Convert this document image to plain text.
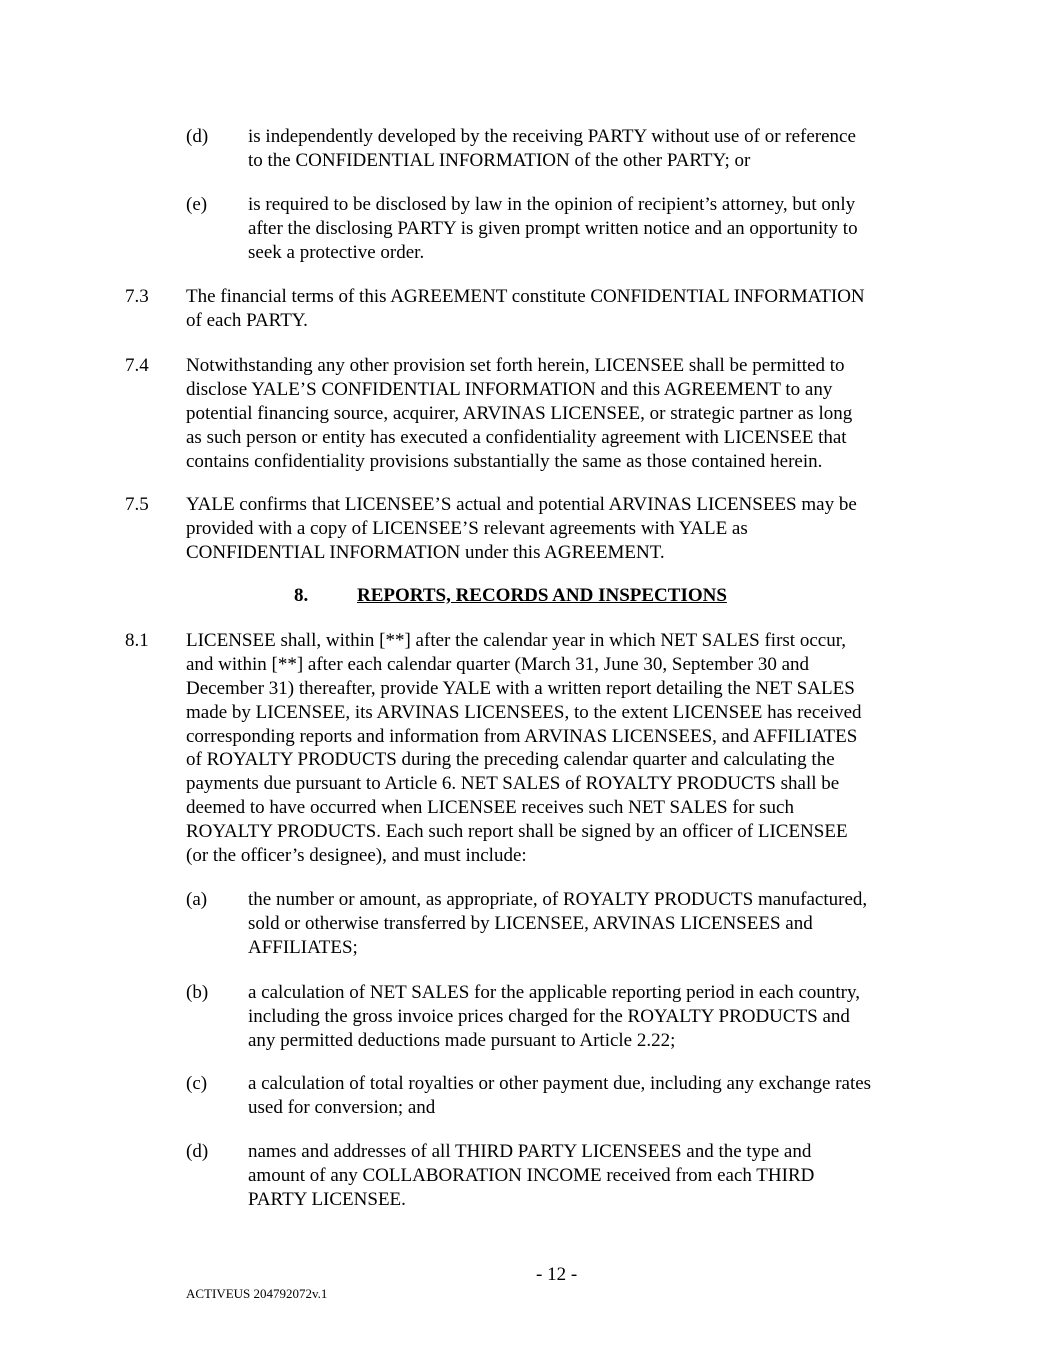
(d) is independently developed by the receiving PARTY without use of or reference
to the CONFIDENTIAL INFORMATION of the other PARTY; or
(e) is required to be disclosed by law in the opinion of recipient’s attorney, but only
after the disclosing PARTY is given prompt written notice and an opportunity to
seek a protective order.
7.3 The financial terms of this AGREEMENT constitute CONFIDENTIAL INFORMATION
of each PARTY.
7.4 Notwithstanding any other provision set forth herein, LICENSEE shall be permitted to
disclose YALE’S CONFIDENTIAL INFORMATION and this AGREEMENT to any
potential financing source, acquirer, ARVINAS LICENSEE, or strategic partner as long
as such person or entity has executed a confidentiality agreement with LICENSEE that
contains confidentiality provisions substantially the same as those contained herein.
7.5 YALE confirms that LICENSEE’S actual and potential ARVINAS LICENSEES may be
provided with a copy of LICENSEE’S relevant agreements with YALE as
CONFIDENTIAL INFORMATION under this AGREEMENT.
8.	REPORTS, RECORDS AND INSPECTIONS
8.1 LICENSEE shall, within [**] after the calendar year in which NET SALES first occur,
and within [**] after each calendar quarter (March 31, June 30, September 30 and
December 31) thereafter, provide YALE with a written report detailing the NET SALES
made by LICENSEE, its ARVINAS LICENSEES, to the extent LICENSEE has received
corresponding reports and information from ARVINAS LICENSEES, and AFFILIATES
of ROYALTY PRODUCTS during the preceding calendar quarter and calculating the
payments due pursuant to Article 6. NET SALES of ROYALTY PRODUCTS shall be
deemed to have occurred when LICENSEE receives such NET SALES for such
ROYALTY PRODUCTS. Each such report shall be signed by an officer of LICENSEE
(or the officer’s designee), and must include:
(a) the number or amount, as appropriate, of ROYALTY PRODUCTS manufactured,
sold or otherwise transferred by LICENSEE, ARVINAS LICENSEES and
AFFILIATES;
(b) a calculation of NET SALES for the applicable reporting period in each country,
including the gross invoice prices charged for the ROYALTY PRODUCTS and
any permitted deductions made pursuant to Article 2.22;
(c) a calculation of total royalties or other payment due, including any exchange rates
used for conversion; and
(d) names and addresses of all THIRD PARTY LICENSEES and the type and
amount of any COLLABORATION INCOME received from each THIRD
PARTY LICENSEE.
- 12 -
ACTIVEUS 204792072v.1
